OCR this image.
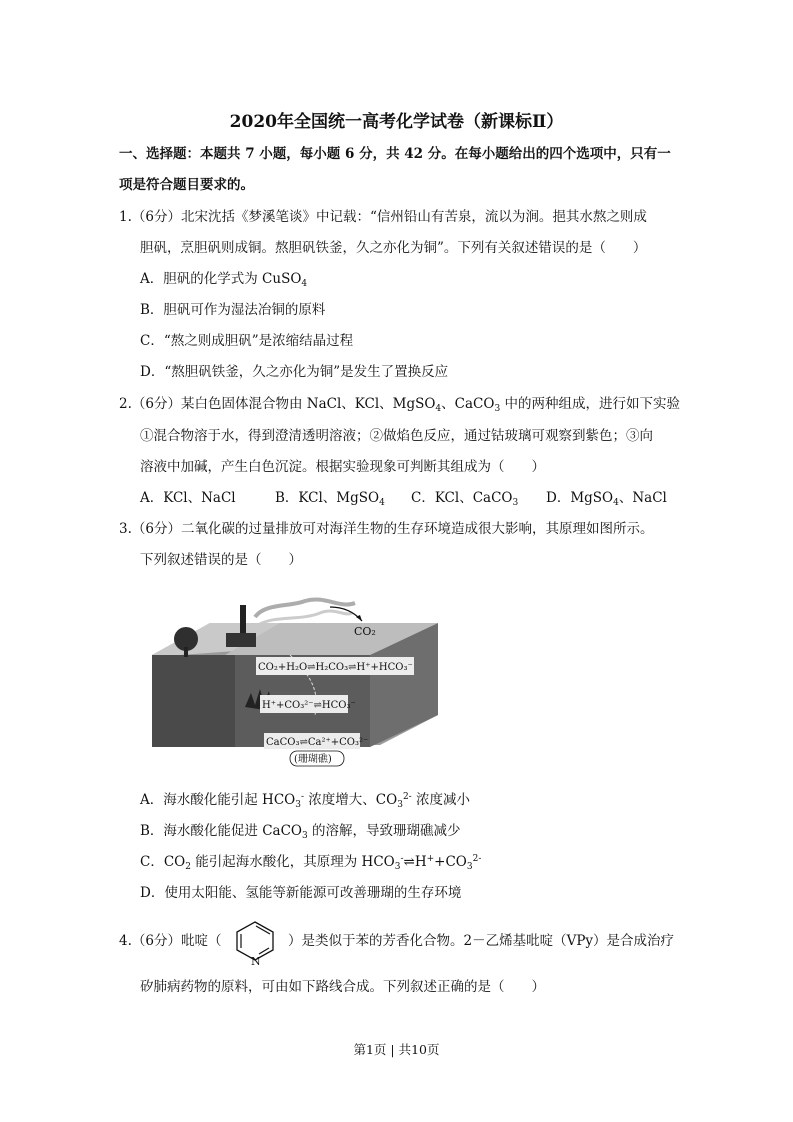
2020年全国统一高考化学试卷（新课标Ⅱ）
一、选择题：本题共 7 小题，每小题 6 分，共 42 分。在每小题给出的四个选项中，只有一
项是符合题目要求的。
1.（6分）北宋沈括《梦溪笔谈》中记载：“信州铅山有苦泉，流以为涧。挹其水熬之则成
胆矾，烹胆矾则成铜。熬胆矾铁釜，久之亦化为铜”。下列有关叙述错误的是（　　）
A．胆矾的化学式为 CuSO$_4$
B．胆矾可作为湿法冶铜的原料
C．“熬之则成胆矾”是浓缩结晶过程
D．“熬胆矾铁釜，久之亦化为铜”是发生了置换反应
2.（6分）某白色固体混合物由 NaCl、KCl、MgSO$_4$、CaCO$_3$ 中的两种组成，进行如下实验
①混合物溶于水，得到澄清透明溶液；②做焰色反应，通过钴玻璃可观察到紫色；③向
溶液中加碱，产生白色沉淀。根据实验现象可判断其组成为（　　）
A．KCl、NaCl	B．KCl、MgSO$_4$ C．KCl、CaCO$_3$ D．MgSO$_4$、NaCl
3.（6分）二氧化碳的过量排放可对海洋生物的生存环境造成很大影响，其原理如图所示。
下列叙述错误的是（　　）
CO₂
CO₂+H₂O⇌H₂CO₃⇌H⁺+HCO₃⁻
H⁺+CO₃²⁻⇌HCO₃⁻
CaCO₃⇌Ca²⁺+CO₃²⁻
(珊瑚礁)
A．海水酸化能引起 $HCO_3^-$ 浓度增大、$CO_3^{2-}$ 浓度减小
B．海水酸化能促进 CaCO$_3$ 的溶解，导致珊瑚礁减少
C．$CO_2$ 能引起海水酸化，其原理为 $HCO_3^-\rightleftharpoons H^++CO_3^{2-}$
D．使用太阳能、氢能等新能源可改善珊瑚的生存环境
4.（6分）吡啶（
N
）是类似于苯的芳香化合物。2－乙烯基吡啶（VPy）是合成治疗
矽肺病药物的原料，可由如下路线合成。下列叙述正确的是（　　）
第1页 | 共10页
